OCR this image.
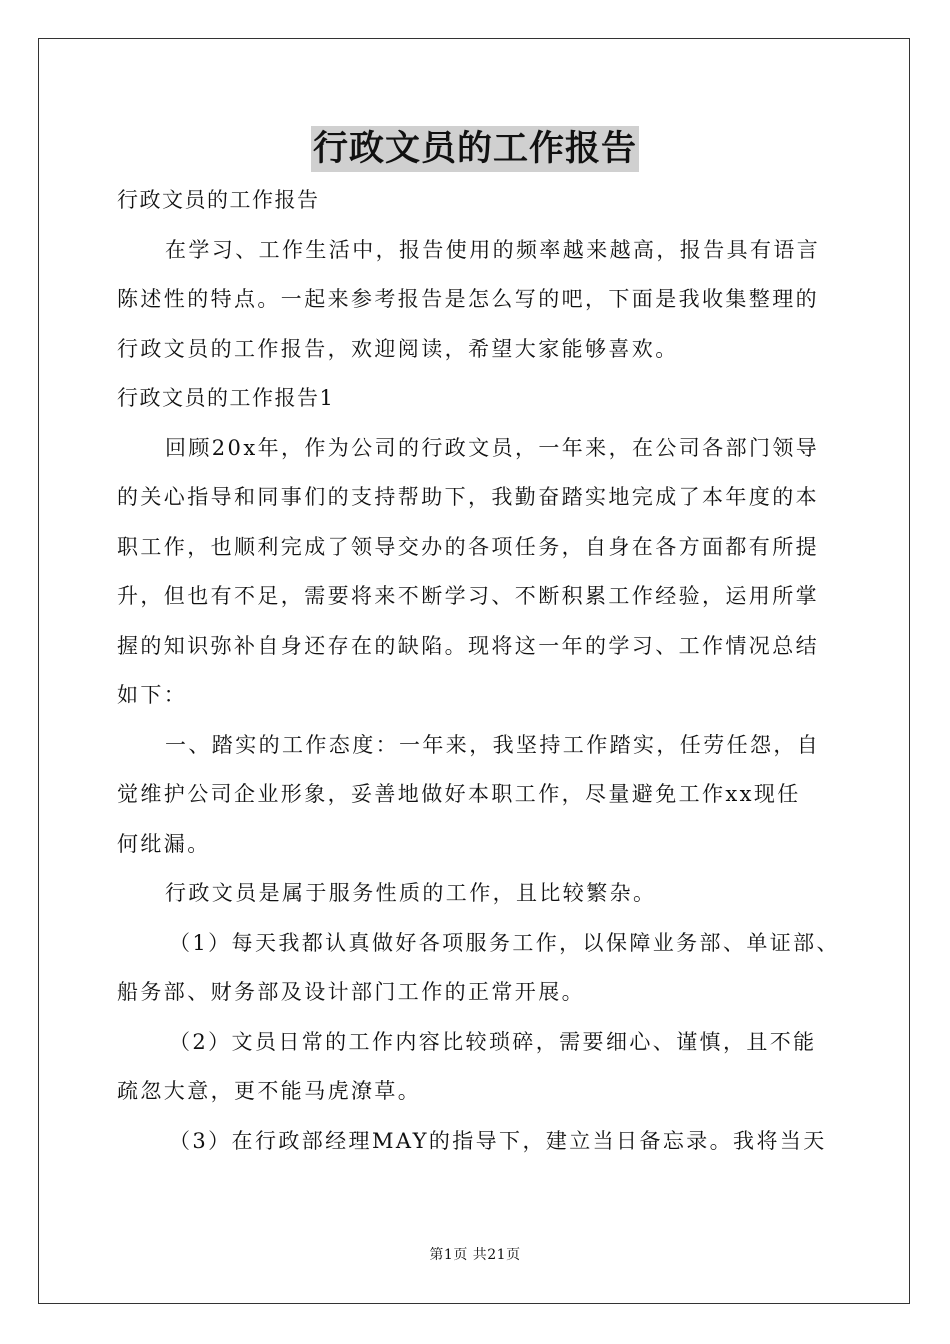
行政文员的工作报告
行政文员的工作报告
在学习、工作生活中，报告使用的频率越来越高，报告具有语言
陈述性的特点。一起来参考报告是怎么写的吧，下面是我收集整理的
行政文员的工作报告，欢迎阅读，希望大家能够喜欢。
行政文员的工作报告1
回顾20x年，作为公司的行政文员，一年来，在公司各部门领导
的关心指导和同事们的支持帮助下，我勤奋踏实地完成了本年度的本
职工作，也顺利完成了领导交办的各项任务，自身在各方面都有所提
升，但也有不足，需要将来不断学习、不断积累工作经验，运用所掌
握的知识弥补自身还存在的缺陷。现将这一年的学习、工作情况总结
如下：
一、踏实的工作态度：一年来，我坚持工作踏实，任劳任怨，自
觉维护公司企业形象，妥善地做好本职工作，尽量避免工作xx现任
何纰漏。
行政文员是属于服务性质的工作，且比较繁杂。
（1）每天我都认真做好各项服务工作，以保障业务部、单证部、
船务部、财务部及设计部门工作的正常开展。
（2）文员日常的工作内容比较琐碎，需要细心、谨慎，且不能
疏忽大意，更不能马虎潦草。
（3）在行政部经理MAY的指导下，建立当日备忘录。我将当天
第1页 共21页
